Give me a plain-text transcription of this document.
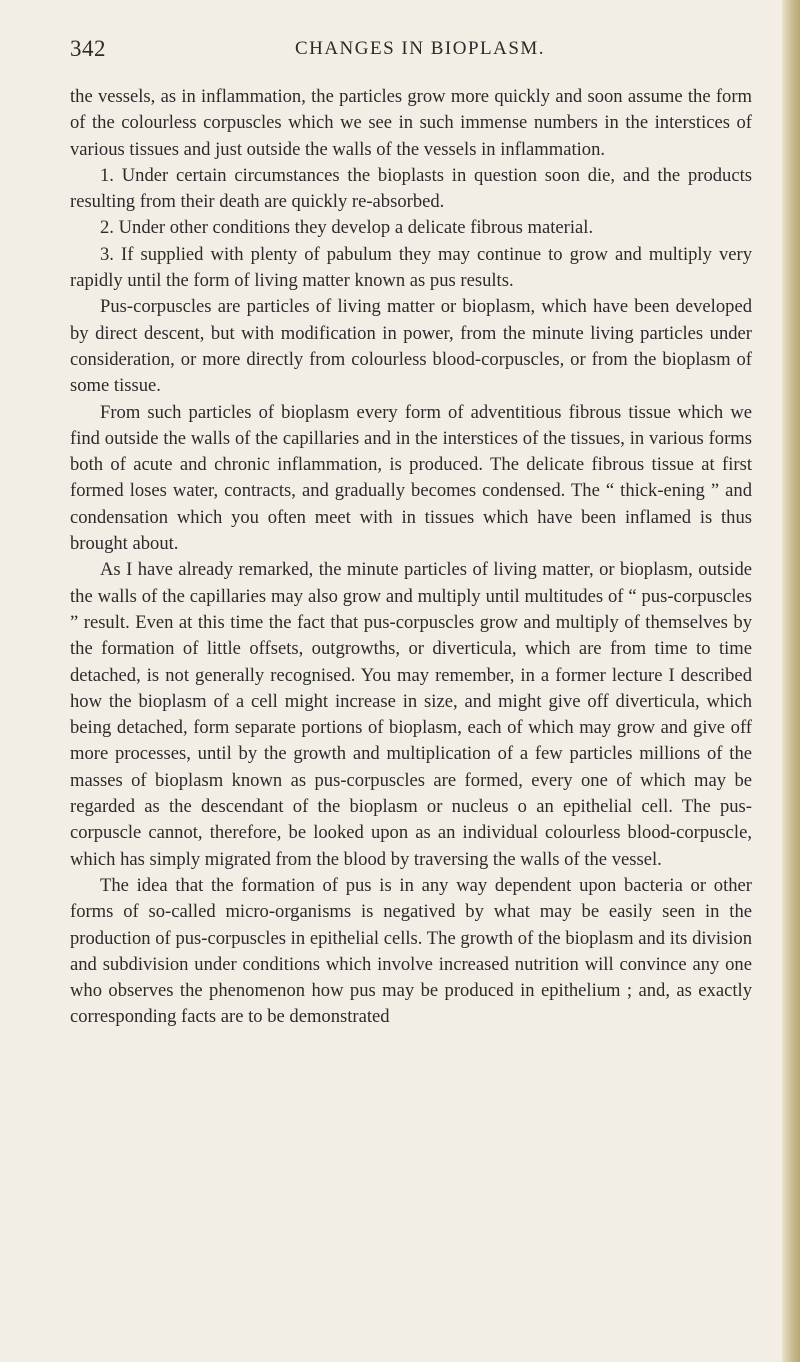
342	CHANGES IN BIOPLASM.

the vessels, as in inflammation, the particles grow more quickly and soon assume the form of the colourless corpuscles which we see in such immense numbers in the interstices of various tissues and just outside the walls of the vessels in inflammation.

1. Under certain circumstances the bioplasts in question soon die, and the products resulting from their death are quickly re-absorbed.

2. Under other conditions they develop a delicate fibrous material.

3. If supplied with plenty of pabulum they may continue to grow and multiply very rapidly until the form of living matter known as pus results.

Pus-corpuscles are particles of living matter or bioplasm, which have been developed by direct descent, but with modification in power, from the minute living particles under consideration, or more directly from colourless blood-corpuscles, or from the bioplasm of some tissue.

From such particles of bioplasm every form of adventitious fibrous tissue which we find outside the walls of the capillaries and in the interstices of the tissues, in various forms both of acute and chronic inflammation, is produced. The delicate fibrous tissue at first formed loses water, contracts, and gradually becomes condensed. The “ thick-ening ” and condensation which you often meet with in tissues which have been inflamed is thus brought about.

As I have already remarked, the minute particles of living matter, or bioplasm, outside the walls of the capillaries may also grow and multiply until multitudes of “ pus-corpuscles ” result. Even at this time the fact that pus-corpuscles grow and multiply of themselves by the formation of little offsets, outgrowths, or diverticula, which are from time to time detached, is not generally recognised. You may remember, in a former lecture I described how the bioplasm of a cell might increase in size, and might give off diverticula, which being detached, form separate portions of bioplasm, each of which may grow and give off more processes, until by the growth and multiplication of a few particles millions of the masses of bioplasm known as pus-corpuscles are formed, every one of which may be regarded as the descendant of the bioplasm or nucleus o an epithelial cell. The pus-corpuscle cannot, therefore, be looked upon as an individual colourless blood-corpuscle, which has simply migrated from the blood by traversing the walls of the vessel.

The idea that the formation of pus is in any way dependent upon bacteria or other forms of so-called micro-organisms is negatived by what may be easily seen in the production of pus-corpuscles in epithelial cells. The growth of the bioplasm and its division and subdivision under conditions which involve increased nutrition will convince any one who observes the phenomenon how pus may be produced in epithelium ; and, as exactly corresponding facts are to be demonstrated
